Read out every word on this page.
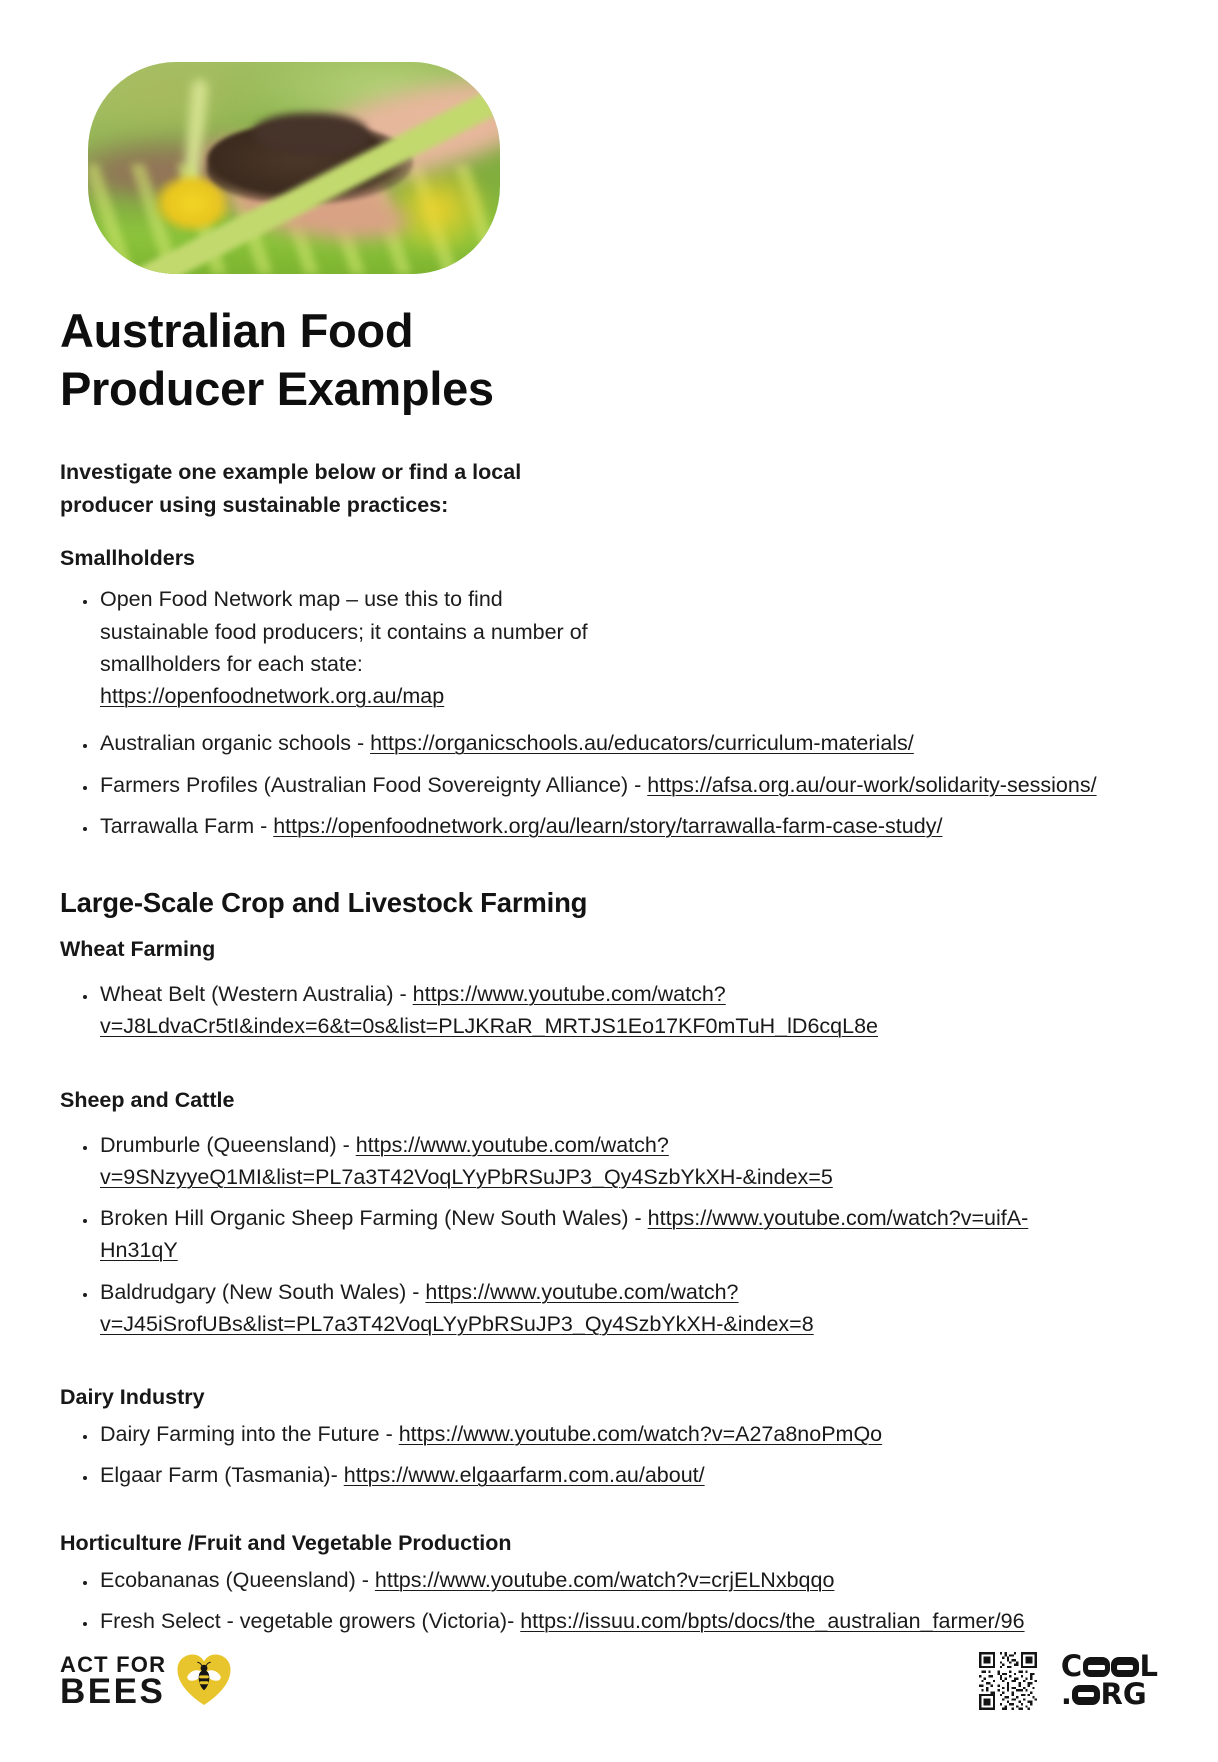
Australian Food Producer Examples

Investigate one example below or find a local producer using sustainable practices:

Smallholders
• Open Food Network map – use this to find sustainable food producers; it contains a number of smallholders for each state: https://openfoodnetwork.org.au/map
• Australian organic schools - https://organicschools.au/educators/curriculum-materials/
• Farmers Profiles (Australian Food Sovereignty Alliance) - https://afsa.org.au/our-work/solidarity-sessions/
• Tarrawalla Farm - https://openfoodnetwork.org/au/learn/story/tarrawalla-farm-case-study/
Large-Scale Crop and Livestock Farming
Wheat Farming
• Wheat Belt (Western Australia) - https://www.youtube.com/watch?v=J8LdvaCr5tI&index=6&t=0s&list=PLJKRaR_MRTJS1Eo17KF0mTuH_lD6cqL8e
Sheep and Cattle
• Drumburle (Queensland) - https://www.youtube.com/watch?v=9SNzyyeQ1MI&list=PL7a3T42VoqLYyPbRSuJP3_Qy4SzbYkXH-&index=5
• Broken Hill Organic Sheep Farming (New South Wales) - https://www.youtube.com/watch?v=uifA-Hn31qY
• Baldrudgary (New South Wales) - https://www.youtube.com/watch?v=J45iSrofUBs&list=PL7a3T42VoqLYyPbRSuJP3_Qy4SzbYkXH-&index=8
Dairy Industry
• Dairy Farming into the Future - https://www.youtube.com/watch?v=A27a8noPmQo
• Elgaar Farm (Tasmania)- https://www.elgaarfarm.com.au/about/
Horticulture /Fruit and Vegetable Production
• Ecobananas (Queensland) - https://www.youtube.com/watch?v=crjELNxbqqo
• Fresh Select - vegetable growers (Victoria)- https://issuu.com/bpts/docs/the_australian_farmer/96
ACT FOR
BEES
C L
. RG
